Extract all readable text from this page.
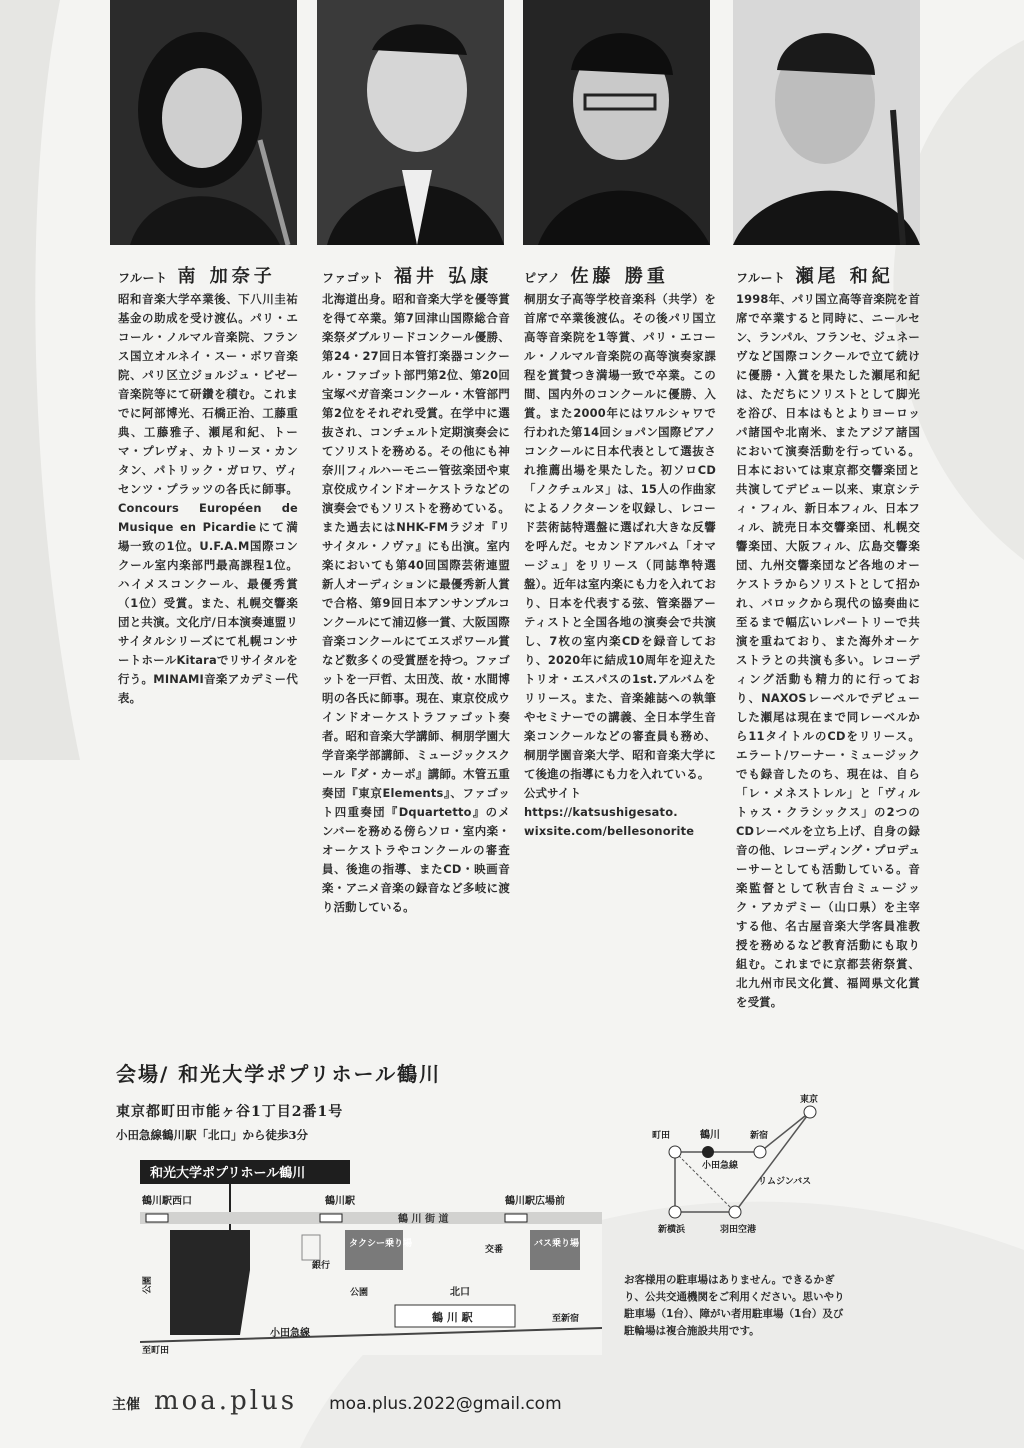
フルート 南 加奈子	ファゴット 福井 弘康	ピアノ 佐藤 勝重	フルート 瀬尾 和紀
昭和音楽大学卒業後、下八川圭祐基金の助成を受け渡仏。パリ・エコール・ノルマル音楽院、フランス国立オルネイ・スー・ボワ音楽院、パリ区立ジョルジュ・ビゼー音楽院等にて研鑽を積む。これまでに阿部博光、石橋正治、工藤重典、工藤雅子、瀬尾和紀、トーマ・プレヴォ、カトリーヌ・カンタン、パトリック・ガロワ、ヴィセンツ・プラッツの各氏に師事。Concours Européen de Musique en Picardieにて満場一致の1位。U.F.A.M国際コンクール室内楽部門最高課程1位。ハイメスコンクール、最優秀賞（1位）受賞。また、札幌交響楽団と共演。文化庁/日本演奏連盟リサイタルシリーズにて札幌コンサートホールKitaraでリサイタルを行う。MINAMI音楽アカデミー代表。
北海道出身。昭和音楽大学を優等賞を得て卒業。第7回津山国際総合音楽祭ダブルリードコンクール優勝、第24・27回日本管打楽器コンクール・ファゴット部門第2位、第20回宝塚ベガ音楽コンクール・木管部門第2位をそれぞれ受賞。在学中に選抜され、コンチェルト定期演奏会にてソリストを務める。その他にも神奈川フィルハーモニー管弦楽団や東京佼成ウインドオーケストラなどの演奏会でもソリストを務めている。また過去にはNHK-FMラジオ『リサイタル・ノヴァ』にも出演。室内楽においても第40回国際芸術連盟新人オーディションに最優秀新人賞で合格、第9回日本アンサンブルコンクールにて浦辺修一賞、大阪国際音楽コンクールにてエスポワール賞など数多くの受賞歴を持つ。ファゴットを一戸哲、太田茂、故・水間博明の各氏に師事。現在、東京佼成ウインドオーケストラファゴット奏者。昭和音楽大学講師、桐朋学園大学音楽学部講師、ミュージックスクール『ダ・カーポ』講師。木管五重奏団『東京Elements』、ファゴット四重奏団『Dquartetto』のメンバーを務める傍らソロ・室内楽・オーケストラやコンクールの審査員、後進の指導、またCD・映画音楽・アニメ音楽の録音など多岐に渡り活動している。
桐朋女子高等学校音楽科（共学）を首席で卒業後渡仏。その後パリ国立高等音楽院を1等賞、パリ・エコール・ノルマル音楽院の高等演奏家課程を賞賛つき満場一致で卒業。この間、国内外のコンクールに優勝、入賞。また2000年にはワルシャワで行われた第14回ショパン国際ピアノコンクールに日本代表として選抜され推薦出場を果たした。初ソロCD「ノクチュルヌ」は、15人の作曲家によるノクターンを収録し、レコード芸術誌特選盤に選ばれ大きな反響を呼んだ。セカンドアルバム「オマージュ」をリリース（同誌準特選盤）。近年は室内楽にも力を入れており、日本を代表する弦、管楽器アーティストと全国各地の演奏会で共演し、7枚の室内楽CDを録音しており、2020年に結成10周年を迎えたトリオ・エスパスの1st.アルバムをリリース。また、音楽雑誌への執筆やセミナーでの講義、全日本学生音楽コンクールなどの審査員も務め、桐朋学園音楽大学、昭和音楽大学にて後進の指導にも力を入れている。
公式サイト
https://katsushigesato.
wixsite.com/bellesonorite
1998年、パリ国立高等音楽院を首席で卒業すると同時に、ニールセン、ランパル、フランセ、ジュネーヴなど国際コンクールで立て続けに優勝・入賞を果たした瀬尾和紀は、ただちにソリストとして脚光を浴び、日本はもとよりヨーロッパ諸国や北南米、またアジア諸国において演奏活動を行っている。日本においては東京都交響楽団と共演してデビュー以来、東京シティ・フィル、新日本フィル、日本フィル、読売日本交響楽団、札幌交響楽団、大阪フィル、広島交響楽団、九州交響楽団など各地のオーケストラからソリストとして招かれ、バロックから現代の協奏曲に至るまで幅広いレパートリーで共演を重ねており、また海外オーケストラとの共演も多い。レコーディング活動も精力的に行っており、NAXOSレーベルでデビューした瀬尾は現在まで同レーベルから11タイトルのCDをリリース。エラート/ワーナー・ミュージックでも録音したのち、現在は、自ら「レ・メネストレル」と「ヴィルトゥス・クラシックス」の2つのCDレーベルを立ち上げ、自身の録音の他、レコーディング・プロデューサーとしても活動している。音楽監督として秋吉台ミュージック・アカデミー（山口県）を主宰する他、名古屋音楽大学客員准教授を務めるなど教育活動にも取り組む。これまでに京都芸術祭賞、北九州市民文化賞、福岡県文化賞を受賞。
会場/ 和光大学ポプリホール鶴川
東京都町田市能ヶ谷1丁目2番1号
小田急線鶴川駅「北口」から徒歩3分
和光大学ポプリホール鶴川
鶴 川 街 道
鶴川駅西口	鶴川駅	鶴川駅広場前
公園
タクシー乗り場
銀行
交番
バス乗り場
公園	北口
鶴 川 駅
小田急線
至町田
至新宿
東京
町田	鶴川	新宿
小田急線
リムジンバス
新横浜	羽田空港
お客様用の駐車場はありません。できるかぎり、公共交通機関をご利用ください。思いやり駐車場（1台）、障がい者用駐車場（1台）及び駐輪場は複合施設共用です。
主催 moa.plus moa.plus.2022@gmail.com
